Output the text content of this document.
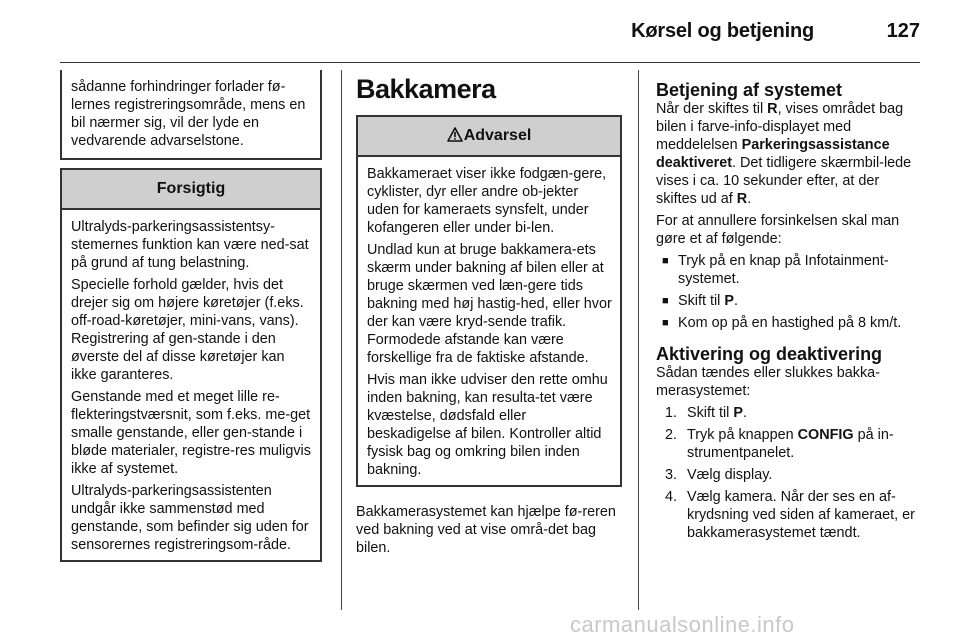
Kørsel og betjening	127

sådanne forhindringer forlader fø-lernes registreringsområde, mens en bil nærmer sig, vil der lyde en vedvarende advarselstone.

Forsigtig

Ultralyds-parkeringsassistentsy-stemernes funktion kan være ned-sat på grund af tung belastning.

Specielle forhold gælder, hvis det drejer sig om højere køretøjer (f.eks. off-road-køretøjer, mini-vans, vans). Registrering af gen-stande i den øverste del af disse køretøjer kan ikke garanteres.

Genstande med et meget lille re-flekteringstværsnit, som f.eks. me-get smalle genstande, eller gen-stande i bløde materialer, registre-res muligvis ikke af systemet.

Ultralyds-parkeringsassistenten undgår ikke sammenstød med genstande, som befinder sig uden for sensorernes registreringsom-råde.

Bakkamera
Advarsel

Bakkameraet viser ikke fodgæn-gere, cyklister, dyr eller andre ob-jekter uden for kameraets synsfelt, under kofangeren eller under bi-len.

Undlad kun at bruge bakkamera-ets skærm under bakning af bilen eller at bruge skærmen ved læn-gere tids bakning med høj hastig-hed, eller hvor der kan være kryd-sende trafik. Formodede afstande kan være forskellige fra de faktiske afstande.

Hvis man ikke udviser den rette omhu inden bakning, kan resulta-tet være kvæstelse, dødsfald eller beskadigelse af bilen. Kontroller altid fysisk bag og omkring bilen inden bakning.

Bakkamerasystemet kan hjælpe fø-reren ved bakning ved at vise områ-det bag bilen.

Betjening af systemet

Når der skiftes til R, vises området bag bilen i farve-info-displayet med meddelelsen Parkeringsassistance deaktiveret. Det tidligere skærmbil-lede vises i ca. 10 sekunder efter, at der skiftes ud af R.

For at annullere forsinkelsen skal man gøre et af følgende:

■ Tryk på en knap på Infotainment-systemet.
■ Skift til P.
■ Kom op på en hastighed på 8 km/t.
Aktivering og deaktivering

Sådan tændes eller slukkes bakka-merasystemet:

1. Skift til P.
2. Tryk på knappen CONFIG på in-strumentpanelet.
3. Vælg display.
4. Vælg kamera. Når der ses en af-krydsning ved siden af kameraet, er bakkamerasystemet tændt.
carmanualsonline.info
